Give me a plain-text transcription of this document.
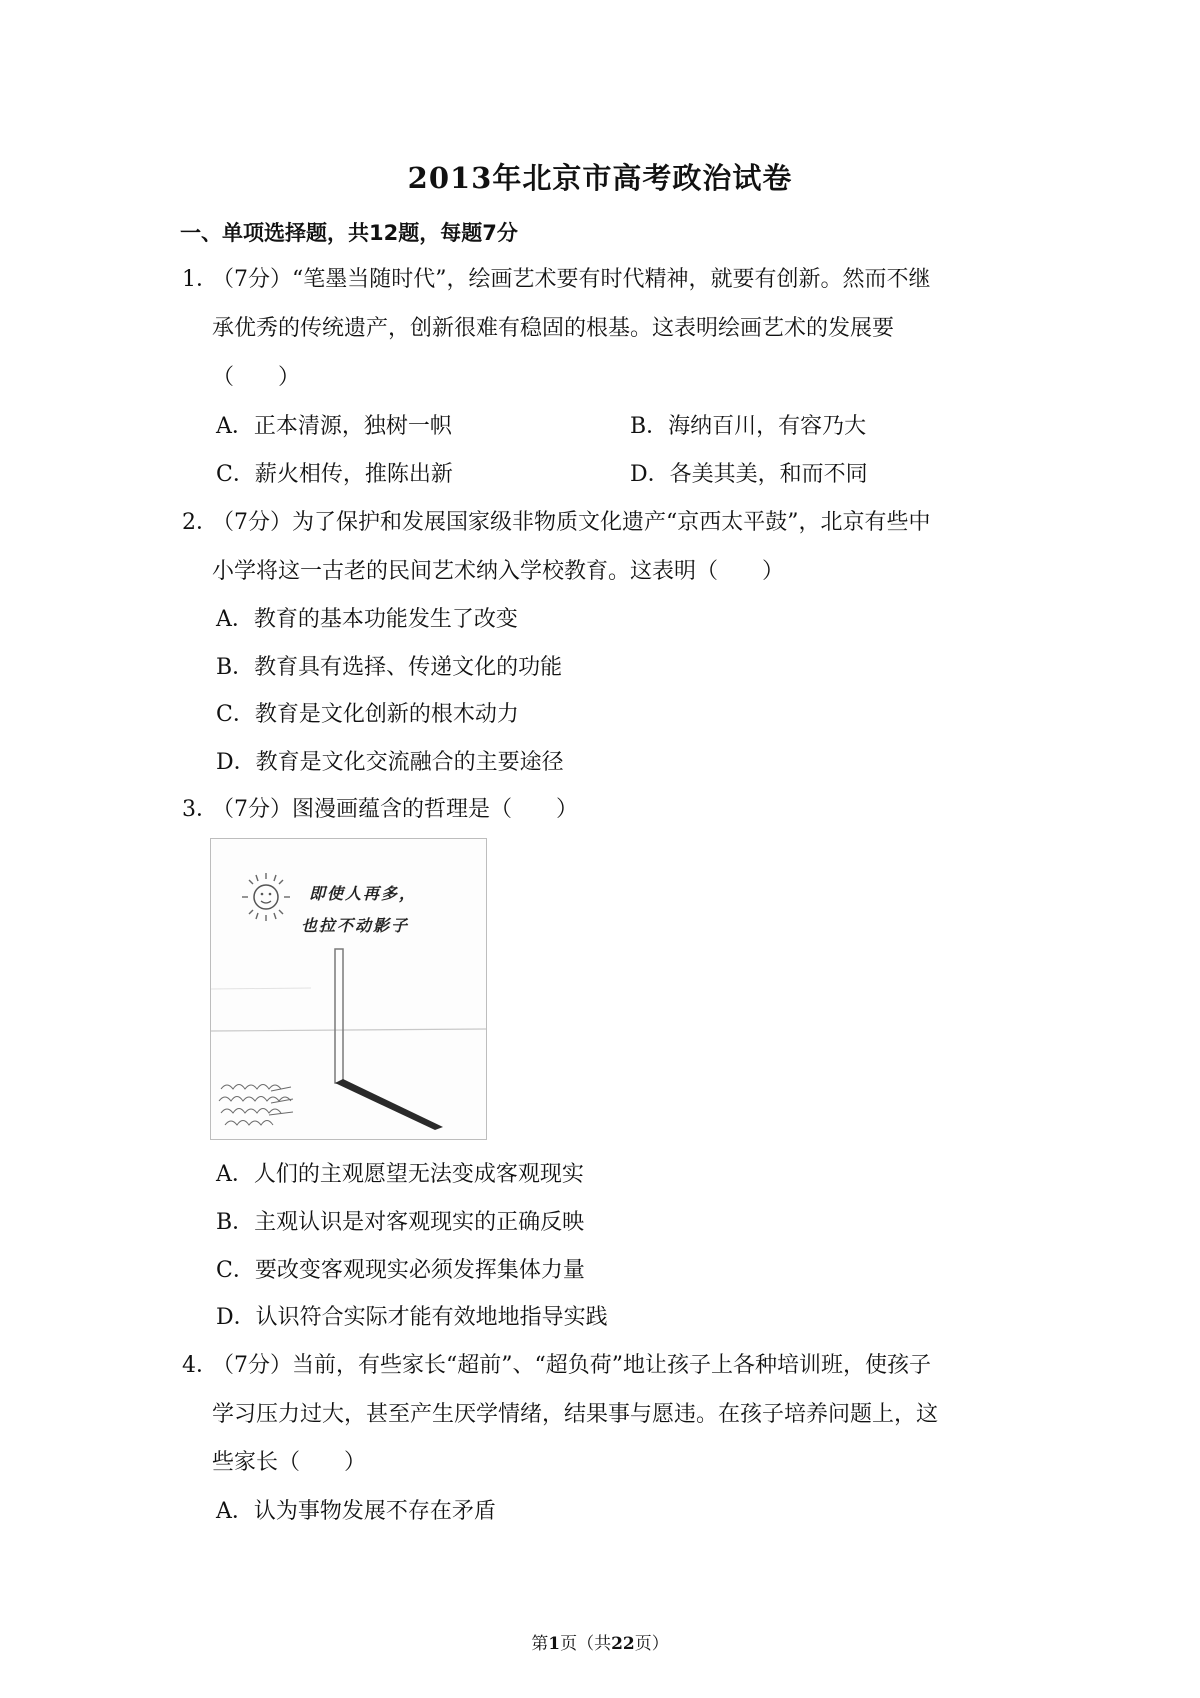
2013年北京市高考政治试卷
一、单项选择题，共12题，每题7分
1．
（7分）“笔墨当随时代”，绘画艺术要有时代精神，就要有创新。然而不继
承优秀的传统遗产，创新很难有稳固的根基。这表明绘画艺术的发展要
（　　）
A．正本清源，独树一帜	B．海纳百川，有容乃大
C．薪火相传，推陈出新	D．各美其美，和而不同
2．
（7分）为了保护和发展国家级非物质文化遗产“京西太平鼓”，北京有些中
小学将这一古老的民间艺术纳入学校教育。这表明（　　）
A．教育的基本功能发生了改变
B．教育具有选择、传递文化的功能
C．教育是文化创新的根木动力
D．教育是文化交流融合的主要途径
3．
（7分）图漫画蕴含的哲理是（　　）
即使人再多，
也拉不动影子
A．人们的主观愿望无法变成客观现实
B．主观认识是对客观现实的正确反映
C．要改变客观现实必须发挥集体力量
D．认识符合实际才能有效地地指导实践
4．
（7分）当前，有些家长“超前”、“超负荷”地让孩子上各种培训班，使孩子
学习压力过大，甚至产生厌学情绪，结果事与愿违。在孩子培养问题上，这
些家长（　　）
A．认为事物发展不存在矛盾
第1页（共22页）
